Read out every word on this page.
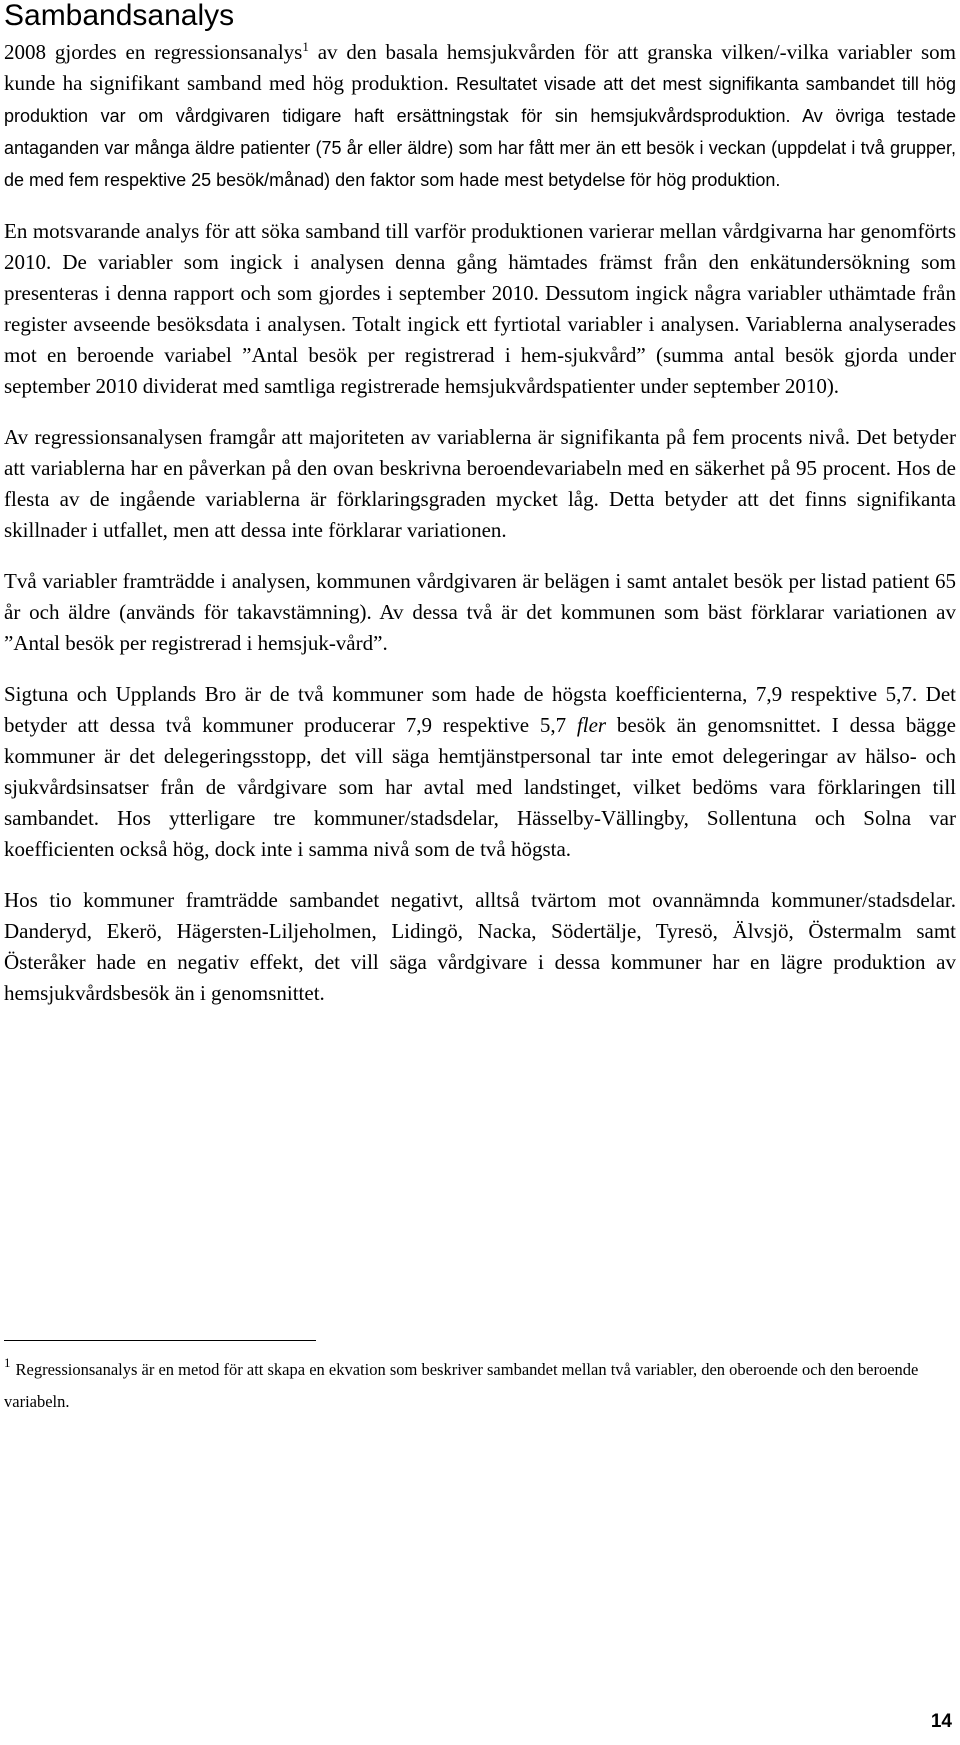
Sambandsanalys

2008 gjordes en regressionsanalys$^1$ av den basala hemsjukvården för att granska vilken/-vilka variabler som kunde ha signifikant samband med hög produktion. Resultatet visade att det mest signifikanta sambandet till hög produktion var om vårdgivaren tidigare haft ersättningstak för sin hemsjukvårdsproduktion. Av övriga testade antaganden var många äldre patienter (75 år eller äldre) som har fått mer än ett besök i veckan (uppdelat i två grupper, de med fem respektive 25 besök/månad) den faktor som hade mest betydelse för hög produktion.

En motsvarande analys för att söka samband till varför produktionen varierar mellan vårdgivarna har genomförts 2010. De variabler som ingick i analysen denna gång hämtades främst från den enkätundersökning som presenteras i denna rapport och som gjordes i september 2010. Dessutom ingick några variabler uthämtade från register avseende besöksdata i analysen. Totalt ingick ett fyrtiotal variabler i analysen. Variablerna analyserades mot en beroende variabel ”Antal besök per registrerad i hem-sjukvård” (summa antal besök gjorda under september 2010 dividerat med samtliga registrerade hemsjukvårdspatienter under september 2010).

Av regressionsanalysen framgår att majoriteten av variablerna är signifikanta på fem procents nivå. Det betyder att variablerna har en påverkan på den ovan beskrivna beroendevariabeln med en säkerhet på 95 procent. Hos de flesta av de ingående variablerna är förklaringsgraden mycket låg. Detta betyder att det finns signifikanta skillnader i utfallet, men att dessa inte förklarar variationen.

Två variabler framträdde i analysen, kommunen vårdgivaren är belägen i samt antalet besök per listad patient 65 år och äldre (används för takavstämning). Av dessa två är det kommunen som bäst förklarar variationen av ”Antal besök per registrerad i hemsjuk-vård”.

Sigtuna och Upplands Bro är de två kommuner som hade de högsta koefficienterna, 7,9 respektive 5,7. Det betyder att dessa två kommuner producerar 7,9 respektive 5,7 fler besök än genomsnittet. I dessa bägge kommuner är det delegeringsstopp, det vill säga hemtjänstpersonal tar inte emot delegeringar av hälso- och sjukvårdsinsatser från de vårdgivare som har avtal med landstinget, vilket bedöms vara förklaringen till sambandet. Hos ytterligare tre kommuner/stadsdelar, Hässelby-Vällingby, Sollentuna och Solna var koefficienten också hög, dock inte i samma nivå som de två högsta.

Hos tio kommuner framträdde sambandet negativt, alltså tvärtom mot ovannämnda kommuner/stadsdelar. Danderyd, Ekerö, Hägersten-Liljeholmen, Lidingö, Nacka, Södertälje, Tyresö, Älvsjö, Östermalm samt Österåker hade en negativ effekt, det vill säga vårdgivare i dessa kommuner har en lägre produktion av hemsjukvårdsbesök än i genomsnittet.

$^1$ Regressionsanalys är en metod för att skapa en ekvation som beskriver sambandet mellan två variabler, den oberoende och den beroende variabeln.
14
